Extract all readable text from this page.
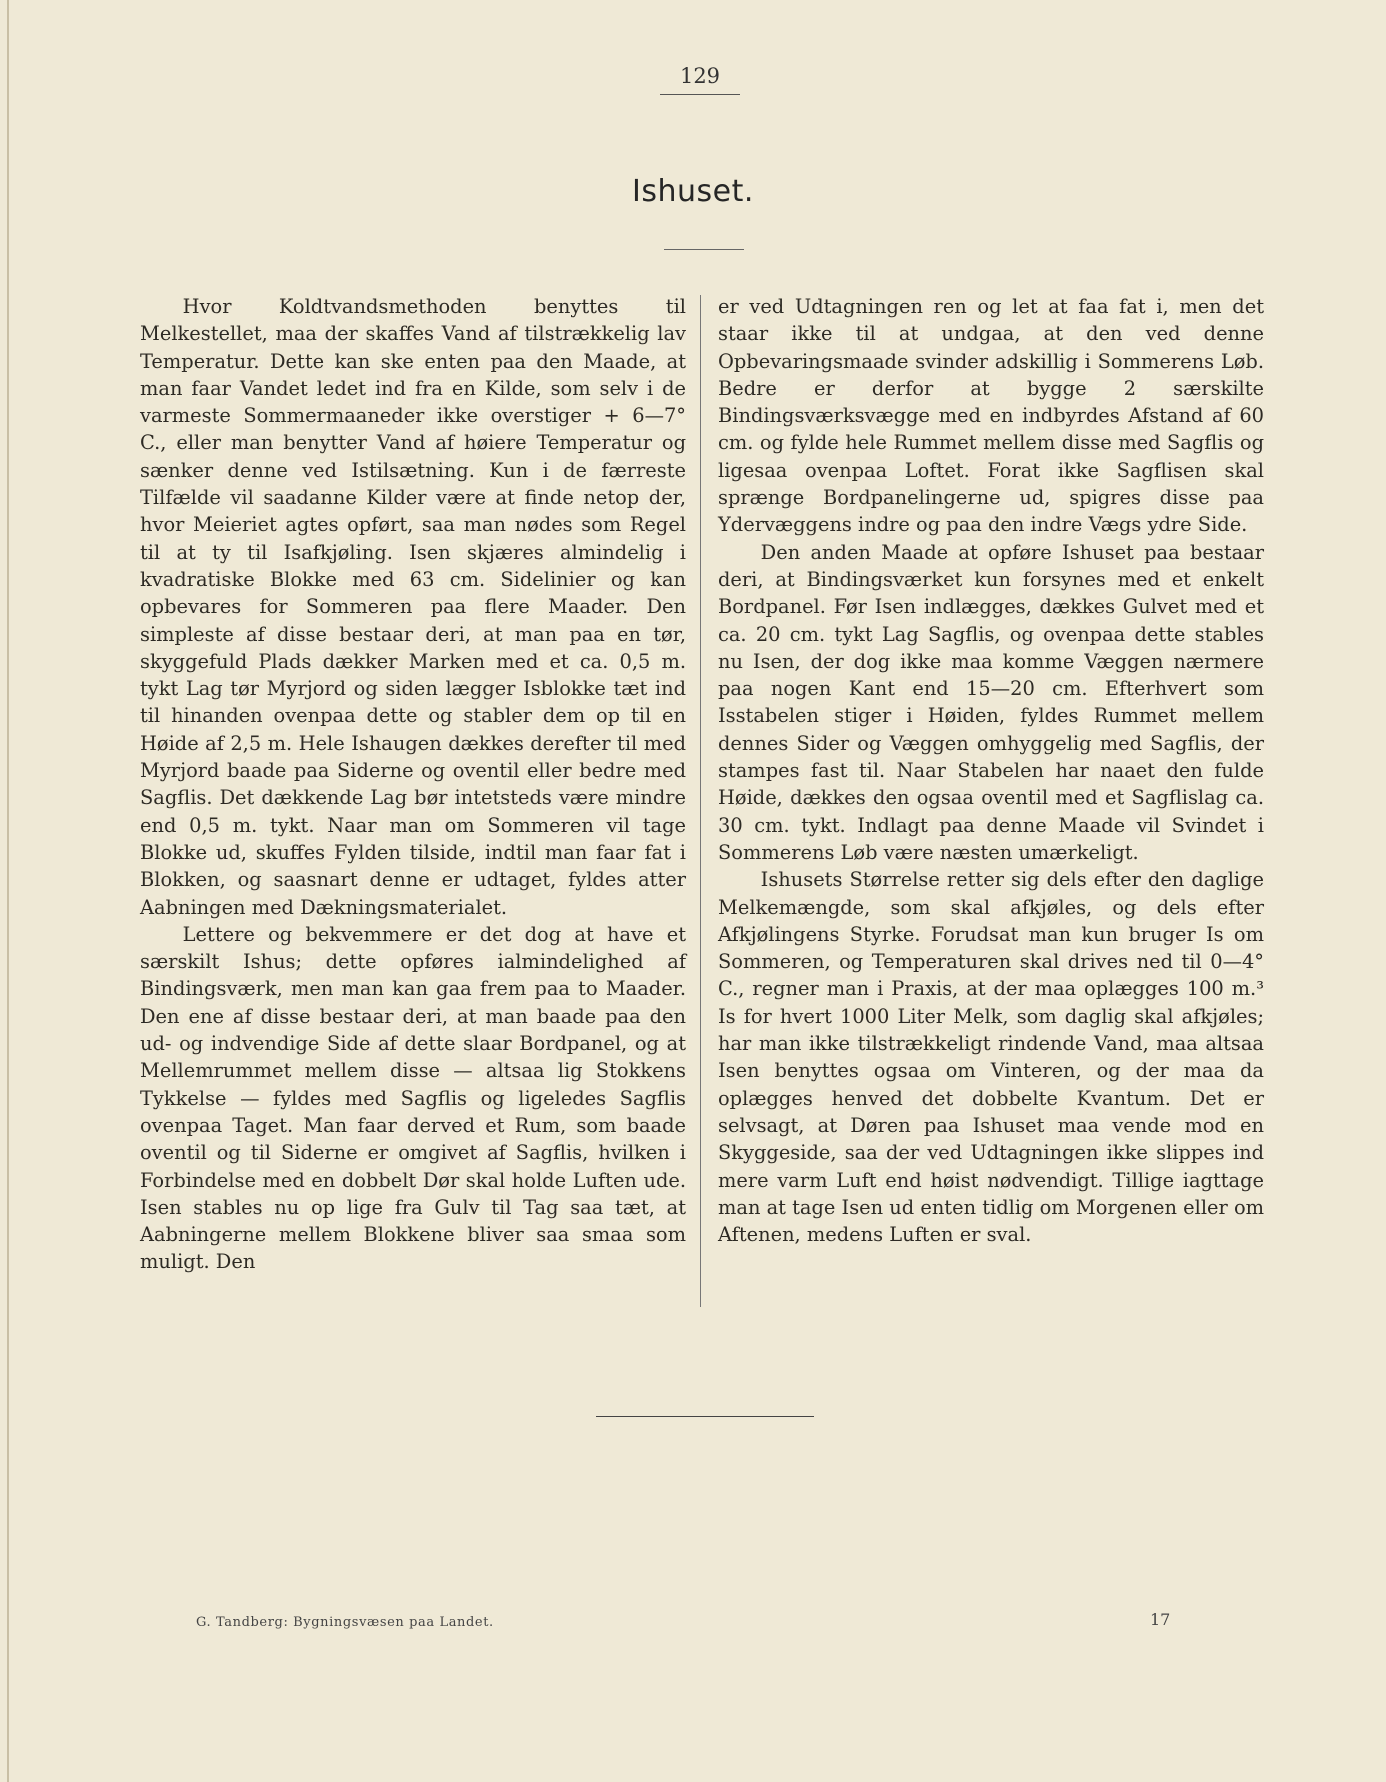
129
Ishuset.

Hvor Koldtvandsmethoden benyttes til Melkestellet, maa der skaffes Vand af tilstrækkelig lav Temperatur. Dette kan ske enten paa den Maade, at man faar Vandet ledet ind fra en Kilde, som selv i de varmeste Sommermaaneder ikke overstiger + 6—7° C., eller man benytter Vand af høiere Temperatur og sænker denne ved Istilsætning. Kun i de færreste Tilfælde vil saadanne Kilder være at finde netop der, hvor Meieriet agtes opført, saa man nødes som Regel til at ty til Isafkjøling. Isen skjæres almindelig i kvadratiske Blokke med 63 cm. Sidelinier og kan opbevares for Sommeren paa flere Maader. Den simpleste af disse bestaar deri, at man paa en tør, skyggefuld Plads dækker Marken med et ca. 0,5 m. tykt Lag tør Myrjord og siden lægger Isblokke tæt ind til hinanden ovenpaa dette og stabler dem op til en Høide af 2,5 m. Hele Ishaugen dækkes derefter til med Myrjord baade paa Siderne og oventil eller bedre med Sagflis. Det dækkende Lag bør intetsteds være mindre end 0,5 m. tykt. Naar man om Sommeren vil tage Blokke ud, skuffes Fylden tilside, indtil man faar fat i Blokken, og saasnart denne er udtaget, fyldes atter Aabningen med Dækningsmaterialet.

Lettere og bekvemmere er det dog at have et særskilt Ishus; dette opføres ialmindelighed af Bindingsværk, men man kan gaa frem paa to Maader. Den ene af disse bestaar deri, at man baade paa den ud- og indvendige Side af dette slaar Bordpanel, og at Mellemrummet mellem disse — altsaa lig Stokkens Tykkelse — fyldes med Sagflis og ligeledes Sagflis ovenpaa Taget. Man faar derved et Rum, som baade oventil og til Siderne er omgivet af Sagflis, hvilken i Forbindelse med en dobbelt Dør skal holde Luften ude. Isen stables nu op lige fra Gulv til Tag saa tæt, at Aabningerne mellem Blokkene bliver saa smaa som muligt. Den

er ved Udtagningen ren og let at faa fat i, men det staar ikke til at undgaa, at den ved denne Opbevaringsmaade svinder adskillig i Sommerens Løb. Bedre er derfor at bygge 2 særskilte Bindingsværksvægge med en indbyrdes Afstand af 60 cm. og fylde hele Rummet mellem disse med Sagflis og ligesaa ovenpaa Loftet. Forat ikke Sagflisen skal sprænge Bordpanelingerne ud, spigres disse paa Ydervæggens indre og paa den indre Vægs ydre Side.

Den anden Maade at opføre Ishuset paa bestaar deri, at Bindingsværket kun forsynes med et enkelt Bordpanel. Før Isen indlægges, dækkes Gulvet med et ca. 20 cm. tykt Lag Sagflis, og ovenpaa dette stables nu Isen, der dog ikke maa komme Væggen nærmere paa nogen Kant end 15—20 cm. Efterhvert som Isstabelen stiger i Høiden, fyldes Rummet mellem dennes Sider og Væggen omhyggelig med Sagflis, der stampes fast til. Naar Stabelen har naaet den fulde Høide, dækkes den ogsaa oventil med et Sagflislag ca. 30 cm. tykt. Indlagt paa denne Maade vil Svindet i Sommerens Løb være næsten umærkeligt.

Ishusets Størrelse retter sig dels efter den daglige Melkemængde, som skal afkjøles, og dels efter Afkjølingens Styrke. Forudsat man kun bruger Is om Sommeren, og Temperaturen skal drives ned til 0—4° C., regner man i Praxis, at der maa oplægges 100 m.³ Is for hvert 1000 Liter Melk, som daglig skal afkjøles; har man ikke tilstrækkeligt rindende Vand, maa altsaa Isen benyttes ogsaa om Vinteren, og der maa da oplægges henved det dobbelte Kvantum. Det er selvsagt, at Døren paa Ishuset maa vende mod en Skyggeside, saa der ved Udtagningen ikke slippes ind mere varm Luft end høist nødvendigt. Tillige iagttage man at tage Isen ud enten tidlig om Morgenen eller om Aftenen, medens Luften er sval.

G. Tandberg: Bygningsvæsen paa Landet.	17
